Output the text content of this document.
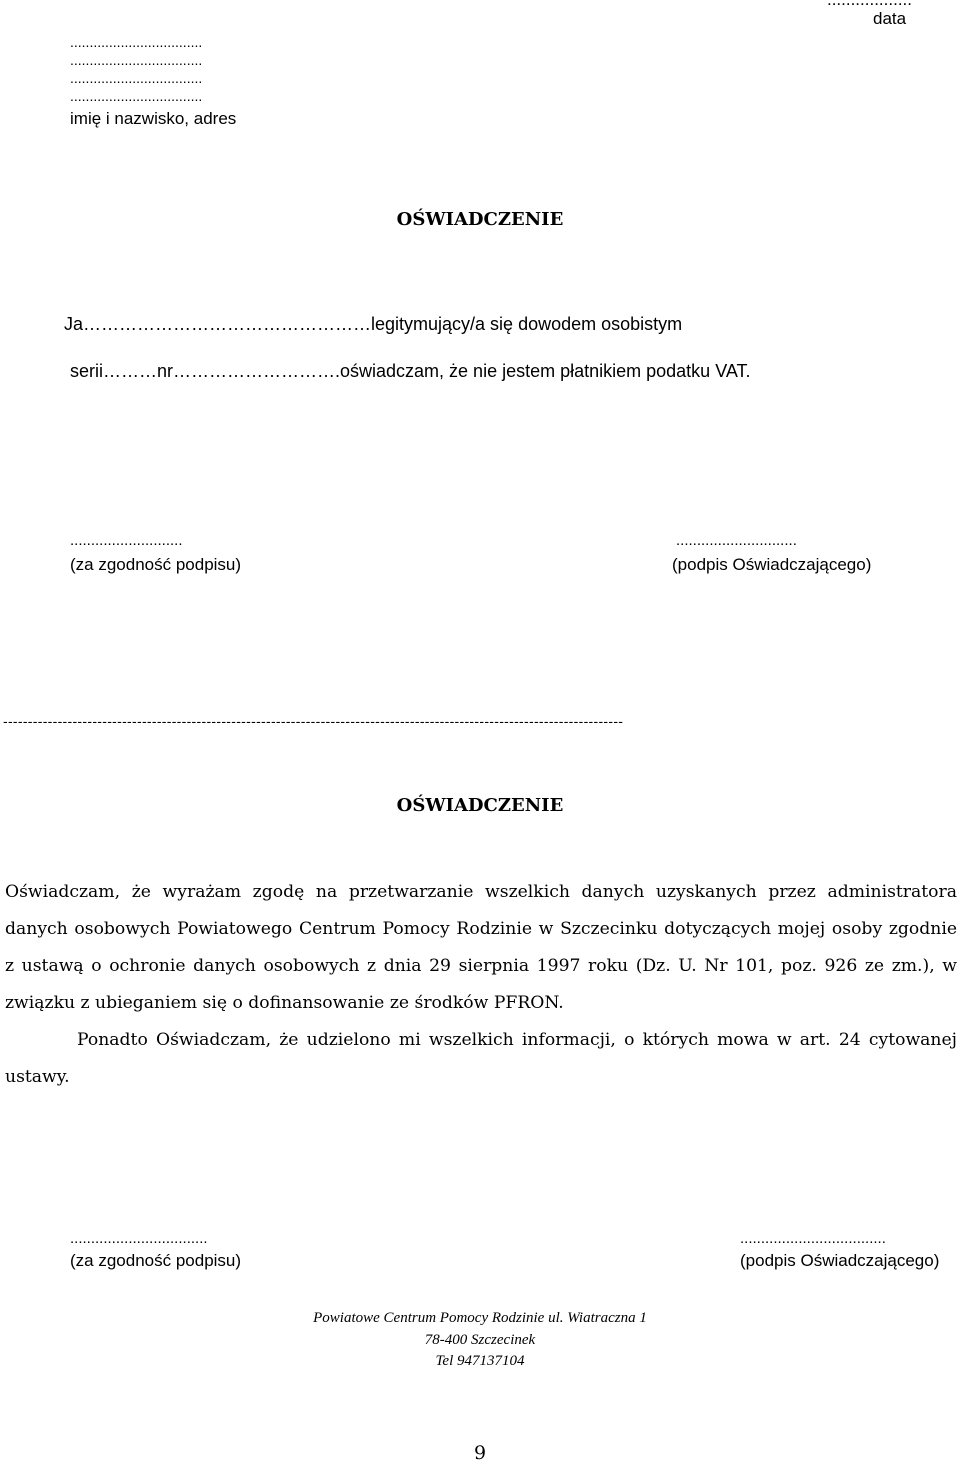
data
..................................
..................................
..................................
..................................
imię i nazwisko, adres
OŚWIADCZENIE
Ja…………………………………………legitymujący/a się dowodem osobistym
serii………nr……………………….oświadczam, że nie jestem płatnikiem podatku VAT.
...........................
(za zgodność podpisu)
.............................
(podpis Oświadczającego)
-----------------------------------------------------------------------------------------------------------------------------
OŚWIADCZENIE

Oświadczam, że wyrażam zgodę na przetwarzanie wszelkich danych uzyskanych przez administratora danych osobowych Powiatowego Centrum Pomocy Rodzinie w Szczecinku dotyczących mojej osoby zgodnie z ustawą o ochronie danych osobowych z dnia 29 sierpnia 1997 roku (Dz. U. Nr 101, poz. 926 ze zm.), w związku z ubieganiem się o dofinansowanie ze środków PFRON.

Ponadto Oświadczam, że udzielono mi wszelkich informacji, o których mowa w art. 24 cytowanej ustawy.

.................................
(za zgodność podpisu)
...................................
(podpis Oświadczającego)
Powiatowe Centrum Pomocy Rodzinie ul. Wiatraczna 1
78-400 Szczecinek
Tel 947137104
9
